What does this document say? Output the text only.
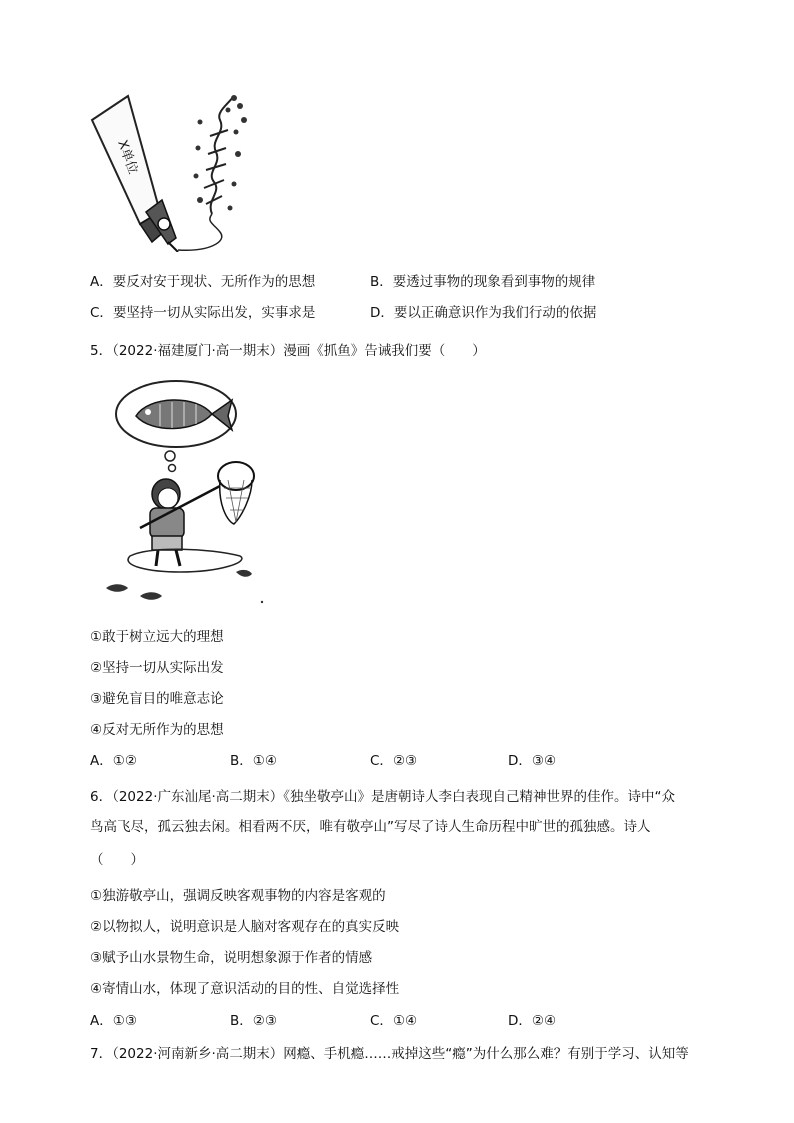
X单位
A．要反对安于现状、无所作为的思想	B．要透过事物的现象看到事物的规律
C．要坚持一切从实际出发，实事求是	D．要以正确意识作为我们行动的依据
5．（2022·福建厦门·高一期末）漫画《抓鱼》告诫我们要（　　）
①敢于树立远大的理想
②坚持一切从实际出发
③避免盲目的唯意志论
④反对无所作为的思想
A．①②	B．①④	C．②③	D．③④
6．（2022·广东汕尾·高二期末）《独坐敬亭山》是唐朝诗人李白表现自己精神世界的佳作。诗中“众
鸟高飞尽，孤云独去闲。相看两不厌，唯有敬亭山”写尽了诗人生命历程中旷世的孤独感。诗人
（　　）
①独游敬亭山，强调反映客观事物的内容是客观的
②以物拟人，说明意识是人脑对客观存在的真实反映
③赋予山水景物生命，说明想象源于作者的情感
④寄情山水，体现了意识活动的目的性、自觉选择性
A．①③	B．②③	C．①④	D．②④
7．（2022·河南新乡·高二期末）网瘾、手机瘾……戒掉这些“瘾”为什么那么难？有别于学习、认知等
